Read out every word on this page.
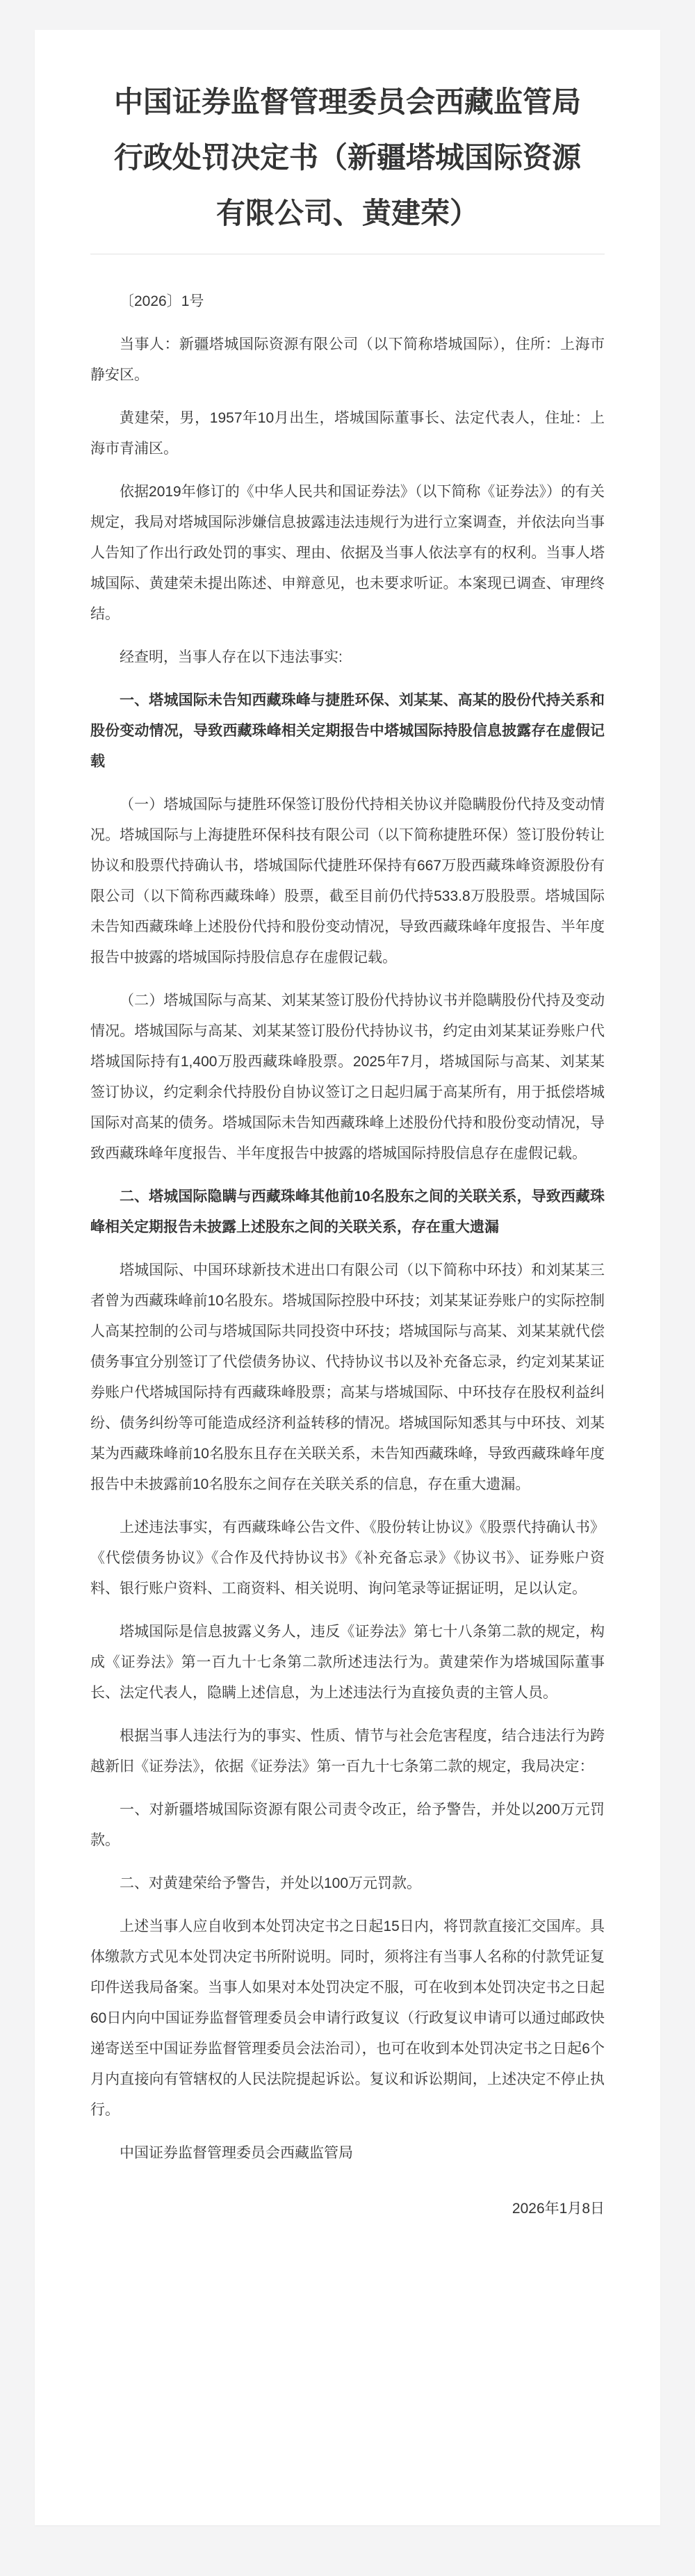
中国证券监督管理委员会西藏监管局
行政处罚决定书（新疆塔城国际资源
有限公司、黄建荣）

〔2026〕1号

当事人：新疆塔城国际资源有限公司（以下简称塔城国际），住所：上海市静安区。

黄建荣，男，1957年10月出生，塔城国际董事长、法定代表人，住址：上海市青浦区。

依据2019年修订的《中华人民共和国证券法》（以下简称《证券法》）的有关规定，我局对塔城国际涉嫌信息披露违法违规行为进行立案调查，并依法向当事人告知了作出行政处罚的事实、理由、依据及当事人依法享有的权利。当事人塔城国际、黄建荣未提出陈述、申辩意见，也未要求听证。本案现已调查、审理终结。

经查明，当事人存在以下违法事实:

一、塔城国际未告知西藏珠峰与捷胜环保、刘某某、高某的股份代持关系和股份变动情况，导致西藏珠峰相关定期报告中塔城国际持股信息披露存在虚假记载

（一）塔城国际与捷胜环保签订股份代持相关协议并隐瞒股份代持及变动情况。塔城国际与上海捷胜环保科技有限公司（以下简称捷胜环保）签订股份转让协议和股票代持确认书，塔城国际代捷胜环保持有667万股西藏珠峰资源股份有限公司（以下简称西藏珠峰）股票，截至目前仍代持533.8万股股票。塔城国际未告知西藏珠峰上述股份代持和股份变动情况，导致西藏珠峰年度报告、半年度报告中披露的塔城国际持股信息存在虚假记载。

（二）塔城国际与高某、刘某某签订股份代持协议书并隐瞒股份代持及变动情况。塔城国际与高某、刘某某签订股份代持协议书，约定由刘某某证券账户代塔城国际持有1,400万股西藏珠峰股票。2025年7月，塔城国际与高某、刘某某签订协议，约定剩余代持股份自协议签订之日起归属于高某所有，用于抵偿塔城国际对高某的债务。塔城国际未告知西藏珠峰上述股份代持和股份变动情况，导致西藏珠峰年度报告、半年度报告中披露的塔城国际持股信息存在虚假记载。

二、塔城国际隐瞒与西藏珠峰其他前10名股东之间的关联关系，导致西藏珠峰相关定期报告未披露上述股东之间的关联关系，存在重大遗漏

塔城国际、中国环球新技术进出口有限公司（以下简称中环技）和刘某某三者曾为西藏珠峰前10名股东。塔城国际控股中环技；刘某某证券账户的实际控制人高某控制的公司与塔城国际共同投资中环技；塔城国际与高某、刘某某就代偿债务事宜分别签订了代偿债务协议、代持协议书以及补充备忘录，约定刘某某证券账户代塔城国际持有西藏珠峰股票；高某与塔城国际、中环技存在股权利益纠纷、债务纠纷等可能造成经济利益转移的情况。塔城国际知悉其与中环技、刘某某为西藏珠峰前10名股东且存在关联关系，未告知西藏珠峰，导致西藏珠峰年度报告中未披露前10名股东之间存在关联关系的信息，存在重大遗漏。

上述违法事实，有西藏珠峰公告文件、《股份转让协议》《股票代持确认书》《代偿债务协议》《合作及代持协议书》《补充备忘录》《协议书》、证券账户资料、银行账户资料、工商资料、相关说明、询问笔录等证据证明，足以认定。

塔城国际是信息披露义务人，违反《证券法》第七十八条第二款的规定，构成《证券法》第一百九十七条第二款所述违法行为。黄建荣作为塔城国际董事长、法定代表人，隐瞒上述信息，为上述违法行为直接负责的主管人员。

根据当事人违法行为的事实、性质、情节与社会危害程度，结合违法行为跨越新旧《证券法》，依据《证券法》第一百九十七条第二款的规定，我局决定：

一、对新疆塔城国际资源有限公司责令改正，给予警告，并处以200万元罚款。

二、对黄建荣给予警告，并处以100万元罚款。

上述当事人应自收到本处罚决定书之日起15日内，将罚款直接汇交国库。具体缴款方式见本处罚决定书所附说明。同时，须将注有当事人名称的付款凭证复印件送我局备案。当事人如果对本处罚决定不服，可在收到本处罚决定书之日起60日内向中国证券监督管理委员会申请行政复议（行政复议申请可以通过邮政快递寄送至中国证券监督管理委员会法治司），也可在收到本处罚决定书之日起6个月内直接向有管辖权的人民法院提起诉讼。复议和诉讼期间，上述决定不停止执行。

中国证券监督管理委员会西藏监管局

2026年1月8日
